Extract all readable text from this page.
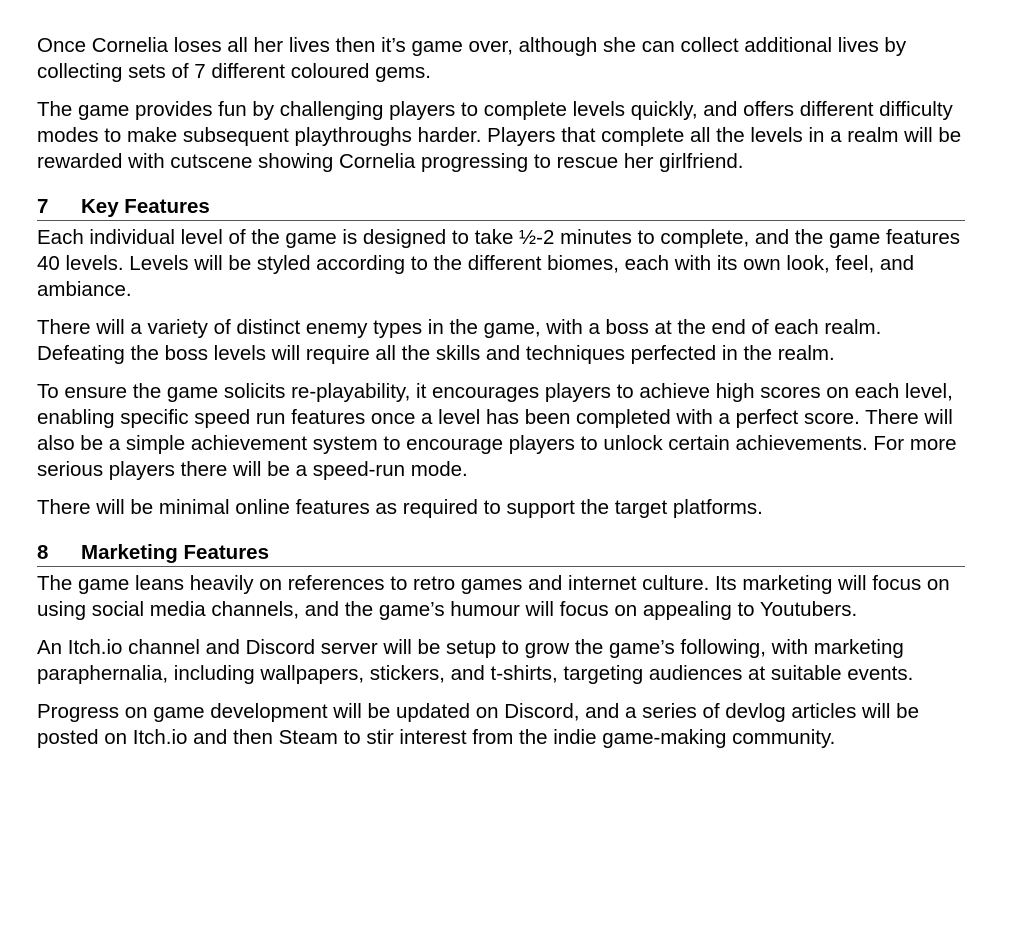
Once Cornelia loses all her lives then it’s game over, although she can collect additional lives by collecting sets of 7 different coloured gems.

The game provides fun by challenging players to complete levels quickly, and offers different difficulty modes to make subsequent playthroughs harder. Players that complete all the levels in a realm will be rewarded with cutscene showing Cornelia progressing to rescue her girlfriend.

7	Key Features

Each individual level of the game is designed to take ½-2 minutes to complete, and the game features 40 levels. Levels will be styled according to the different biomes, each with its own look, feel, and ambiance.

There will a variety of distinct enemy types in the game, with a boss at the end of each realm. Defeating the boss levels will require all the skills and techniques perfected in the realm.

To ensure the game solicits re-playability, it encourages players to achieve high scores on each level, enabling specific speed run features once a level has been completed with a perfect score. There will also be a simple achievement system to encourage players to unlock certain achievements. For more serious players there will be a speed-run mode.

There will be minimal online features as required to support the target platforms.

8	Marketing Features

The game leans heavily on references to retro games and internet culture. Its marketing will focus on using social media channels, and the game’s humour will focus on appealing to Youtubers.

An Itch.io channel and Discord server will be setup to grow the game’s following, with marketing paraphernalia, including wallpapers, stickers, and t-shirts, targeting audiences at suitable events.

Progress on game development will be updated on Discord, and a series of devlog articles will be posted on Itch.io and then Steam to stir interest from the indie game-making community.
